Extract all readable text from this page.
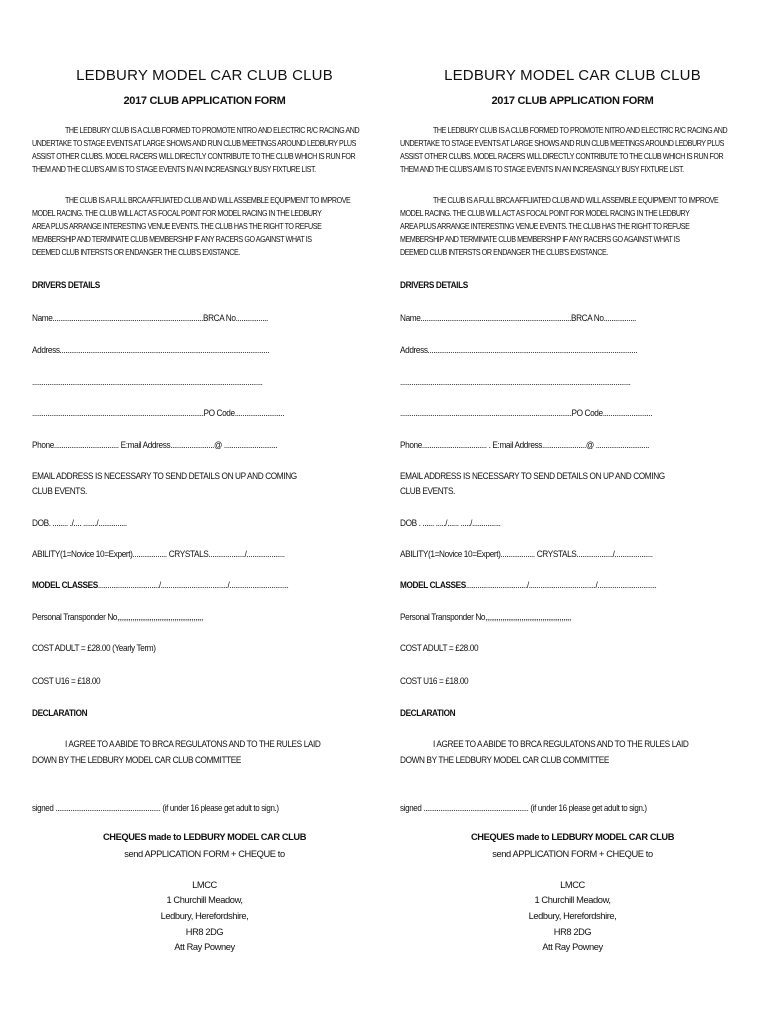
LEDBURY MODEL CAR CLUB CLUB
2017 CLUB APPLICATION FORM
THE LEDBURY CLUB IS A CLUB FORMED TO PROMOTE NITRO AND ELECTRIC R/C RACING AND
UNDERTAKE TO STAGE EVENTS AT LARGE SHOWS AND RUN CLUB MEETINGS AROUND LEDBURY PLUS
ASSIST OTHER CLUBS. MODEL RACERS WILL DIRECTLY CONTRIBUTE TO THE CLUB WHICH IS RUN FOR
THEM AND THE CLUB'S AIM IS TO STAGE EVENTS IN AN INCREASINGLY BUSY FIXTURE LIST.
THE CLUB IS A FULL BRCA AFFLIIATED CLUB AND WILL ASSEMBLE EQUIPMENT TO IMPROVE
MODEL RACING. THE CLUB WILL ACT AS FOCAL POINT FOR MODEL RACING IN THE LEDBURY
AREA PLUS ARRANGE INTERESTING VENUE EVENTS. THE CLUB HAS THE RIGHT TO REFUSE
MEMBERSHIP AND TERMINATE CLUB MEMBERSHIP IF ANY RACERS GO AGAINST WHAT IS
DEEMED CLUB INTERSTS OR ENDANGER THE CLUB'S EXISTANCE.
DRIVERS DETAILS
Name...............................................................................BRCA No.................
Address..............................................................................................................
.........................................................................................................................
..........................................................................................PO Code..........................
Phone.................................. E:mail Address.......................@ ............................
EMAIL ADDRESS IS NECESSARY TO SEND DETAILS ON UP AND COMING
CLUB EVENTS.
DOB. ........ ./.... ......./...............
ABILITY(1=Novice 10=Expert).................. CRYSTALS.................../....................
MODEL CLASSES................................/.................................../...............................
Personal Transponder No,,,,,,,,,,,,,,,,,,,,,,,,,,,,,,,,,,,,,,,,,,,,,
COST ADULT = £28.00 (Yearly Term)
COST U16 = £18.00
DECLARATION
I AGREE TO A ABIDE TO BRCA REGULATONS AND TO THE RULES LAID
DOWN BY THE LEDBURY MODEL CAR CLUB COMMITTEE
signed ........................................................ (if under 16 please get adult to sign.)
CHEQUES made to LEDBURY MODEL CAR CLUB
send APPLICATION FORM + CHEQUE to
LMCC
1 Churchill Meadow,
Ledbury, Herefordshire,
HR8 2DG
Att Ray Powney
LEDBURY MODEL CAR CLUB CLUB
2017 CLUB APPLICATION FORM
THE LEDBURY CLUB IS A CLUB FORMED TO PROMOTE NITRO AND ELECTRIC R/C RACING AND
UNDERTAKE TO STAGE EVENTS AT LARGE SHOWS AND RUN CLUB MEETINGS AROUND LEDBURY PLUS
ASSIST OTHER CLUBS. MODEL RACERS WILL DIRECTLY CONTRIBUTE TO THE CLUB WHICH IS RUN FOR
THEM AND THE CLUB'S AIM IS TO STAGE EVENTS IN AN INCREASINGLY BUSY FIXTURE LIST.
THE CLUB IS A FULL BRCA AFFLIIATED CLUB AND WILL ASSEMBLE EQUIPMENT TO IMPROVE
MODEL RACING. THE CLUB WILL ACT AS FOCAL POINT FOR MODEL RACING IN THE LEDBURY
AREA PLUS ARRANGE INTERESTING VENUE EVENTS. THE CLUB HAS THE RIGHT TO REFUSE
MEMBERSHIP AND TERMINATE CLUB MEMBERSHIP IF ANY RACERS GO AGAINST WHAT IS
DEEMED CLUB INTERSTS OR ENDANGER THE CLUB'S EXISTANCE.
DRIVERS DETAILS
Name...............................................................................BRCA No.................
Address..............................................................................................................
.........................................................................................................................
..........................................................................................PO Code..........................
Phone.................................. . E:mail Address.......................@ ............................
EMAIL ADDRESS IS NECESSARY TO SEND DETAILS ON UP AND COMING
CLUB EVENTS.
DOB . ...... ...../...... ...../...............
ABILITY(1=Novice 10=Expert).................. CRYSTALS.................../....................
MODEL CLASSES................................/.................................../...............................
Personal Transponder No,,,,,,,,,,,,,,,,,,,,,,,,,,,,,,,,,,,,,,,,,,,,,
COST ADULT = £28.00
COST U16 = £18.00
DECLARATION
I AGREE TO A ABIDE TO BRCA REGULATONS AND TO THE RULES LAID
DOWN BY THE LEDBURY MODEL CAR CLUB COMMITTEE
signed ........................................................ (if under 16 please get adult to sign.)
CHEQUES made to LEDBURY MODEL CAR CLUB
send APPLICATION FORM + CHEQUE to
LMCC
1 Churchill Meadow,
Ledbury, Herefordshire,
HR8 2DG
Att Ray Powney
